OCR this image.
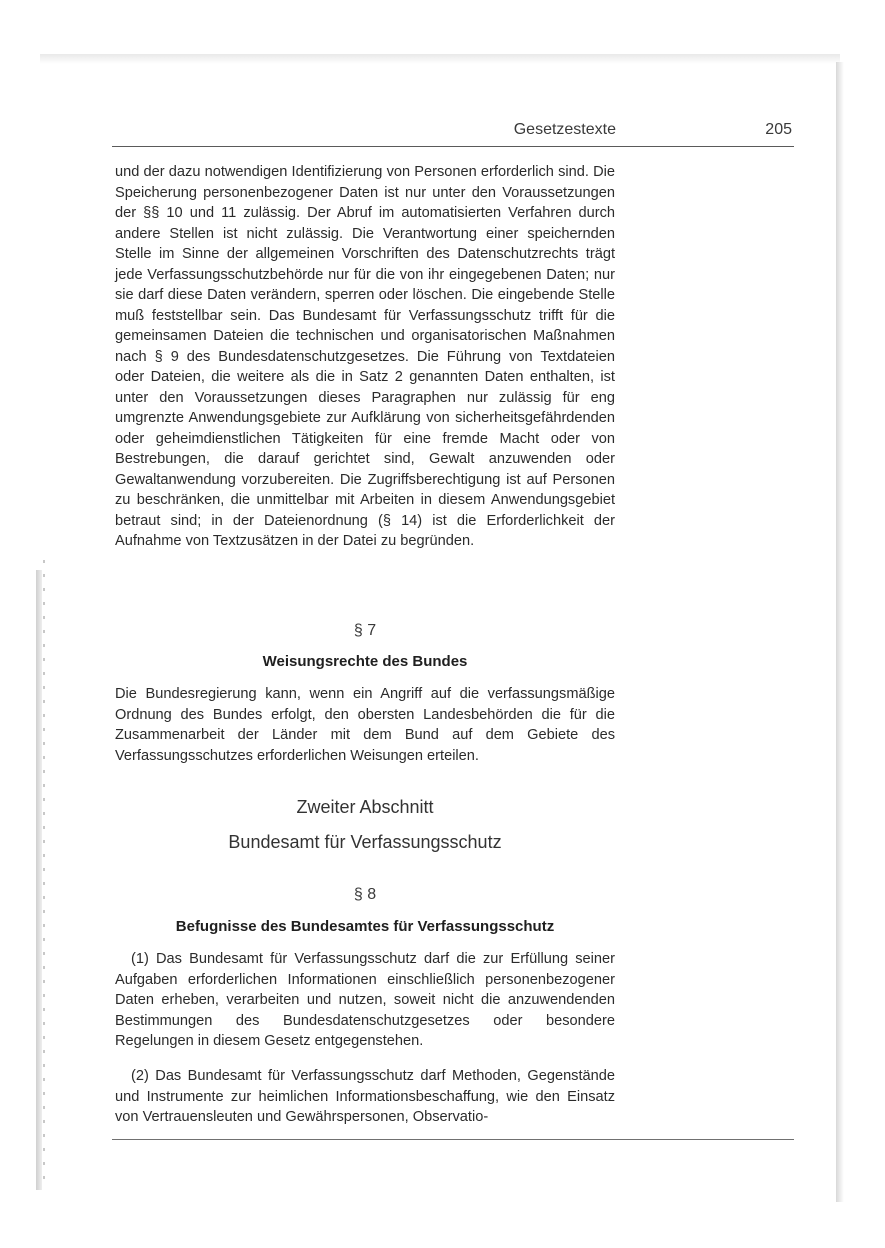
Gesetzestexte	205

und der dazu notwendigen Identifizierung von Personen erforderlich sind. Die Speicherung personenbezogener Daten ist nur unter den Voraussetzungen der §§ 10 und 11 zulässig. Der Abruf im automatisierten Verfahren durch andere Stellen ist nicht zulässig. Die Verantwortung einer speichernden Stelle im Sinne der allgemeinen Vorschriften des Datenschutzrechts trägt jede Verfassungsschutzbehörde nur für die von ihr eingegebenen Daten; nur sie darf diese Daten verändern, sperren oder löschen. Die eingebende Stelle muß feststellbar sein. Das Bundesamt für Verfassungsschutz trifft für die gemeinsamen Dateien die technischen und organisatorischen Maßnahmen nach § 9 des Bundesdatenschutzgesetzes. Die Führung von Textdateien oder Dateien, die weitere als die in Satz 2 genannten Daten enthalten, ist unter den Voraussetzungen dieses Paragraphen nur zulässig für eng umgrenzte Anwendungsgebiete zur Aufklärung von sicherheitsgefährdenden oder geheimdienstlichen Tätigkeiten für eine fremde Macht oder von Bestrebungen, die darauf gerichtet sind, Gewalt anzuwenden oder Gewaltanwendung vorzubereiten. Die Zugriffsberechtigung ist auf Personen zu beschränken, die unmittelbar mit Arbeiten in diesem Anwendungsgebiet betraut sind; in der Dateienordnung (§ 14) ist die Erforderlichkeit der Aufnahme von Textzusätzen in der Datei zu begründen.

§ 7

Weisungsrechte des Bundes

Die Bundesregierung kann, wenn ein Angriff auf die verfassungsmäßige Ordnung des Bundes erfolgt, den obersten Landesbehörden die für die Zusammenarbeit der Länder mit dem Bund auf dem Gebiete des Verfassungsschutzes erforderlichen Weisungen erteilen.

Zweiter Abschnitt

Bundesamt für Verfassungsschutz

§ 8

Befugnisse des Bundesamtes für Verfassungsschutz

(1) Das Bundesamt für Verfassungsschutz darf die zur Erfüllung seiner Aufgaben erforderlichen Informationen einschließlich personenbezogener Daten erheben, verarbeiten und nutzen, soweit nicht die anzuwendenden Bestimmungen des Bundesdatenschutzgesetzes oder besondere Regelungen in diesem Gesetz entgegenstehen.

(2) Das Bundesamt für Verfassungsschutz darf Methoden, Gegenstände und Instrumente zur heimlichen Informationsbeschaffung, wie den Einsatz von Vertrauensleuten und Gewährspersonen, Observatio-
